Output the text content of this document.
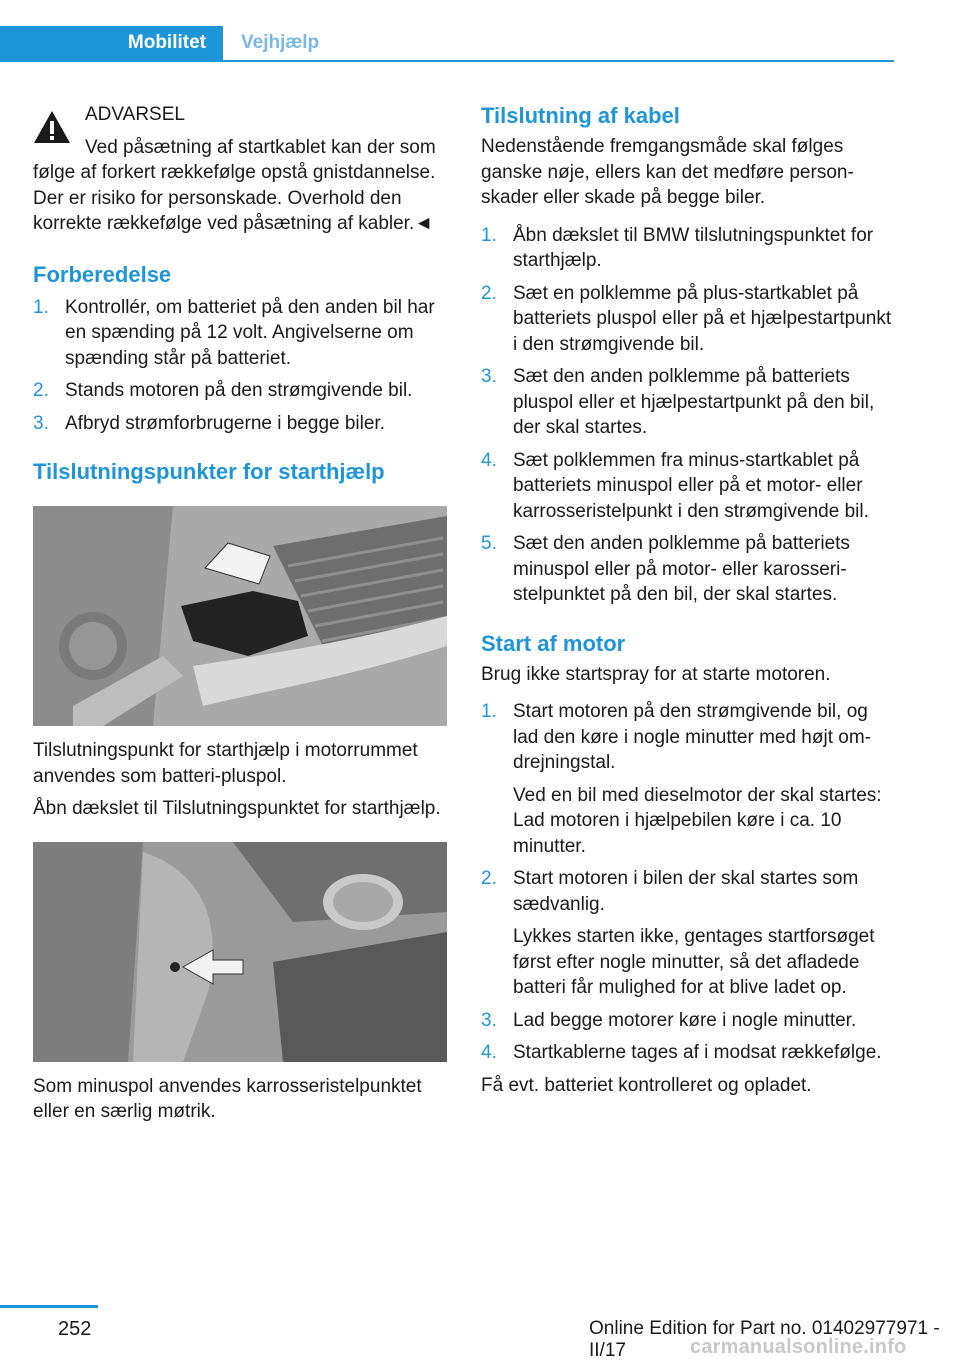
Mobilitet	Vejhjælp

ADVARSEL

Ved påsætning af startkablet kan der som følge af forkert rækkefølge opstå gnistdannelse. Der er risiko for personskade. Overhold den korrekte rækkefølge ved påsætning af kabler.◄

Forberedelse
1. Kontrollér, om batteriet på den anden bil har en spænding på 12 volt. Angivelserne om spænding står på batteriet.
2. Stands motoren på den strømgivende bil.
3. Afbryd strømforbrugerne i begge biler.
Tilslutningspunkter for starthjælp

Tilslutningspunkt for starthjælp i motorrummet anvendes som batteri-pluspol.

Åbn dækslet til Tilslutningspunktet for starthjælp.

Som minuspol anvendes karrosseristelpunktet eller en særlig møtrik.

Tilslutning af kabel

Nedenstående fremgangsmåde skal følges ganske nøje, ellers kan det medføre personskader eller skade på begge biler.

1. Åbn dækslet til BMW tilslutningspunktet for starthjælp.
2. Sæt en polklemme på plus-startkablet på batteriets pluspol eller på et hjælpestartpunkt i den strømgivende bil.
3. Sæt den anden polklemme på batteriets pluspol eller et hjælpestartpunkt på den bil, der skal startes.
4. Sæt polklemmen fra minus-startkablet på batteriets minuspol eller på et motor- eller karrosseristelpunkt i den strømgivende bil.
5. Sæt den anden polklemme på batteriets minuspol eller på motor- eller karosseristelpunktet på den bil, der skal startes.
Start af motor

Brug ikke startspray for at starte motoren.

1. Start motoren på den strømgivende bil, og lad den køre i nogle minutter med højt omdrejningstal.

Ved en bil med dieselmotor der skal startes: Lad motoren i hjælpebilen køre i ca. 10 minutter.

2. Start motoren i bilen der skal startes som sædvanlig.

Lykkes starten ikke, gentages startforsøget først efter nogle minutter, så det afladede batteri får mulighed for at blive ladet op.

3. Lad begge motorer køre i nogle minutter.
4. Startkablerne tages af i modsat rækkefølge.

Få evt. batteriet kontrolleret og opladet.

252	Online Edition for Part no. 01402977971 - II/17	carmanualsonline.info
